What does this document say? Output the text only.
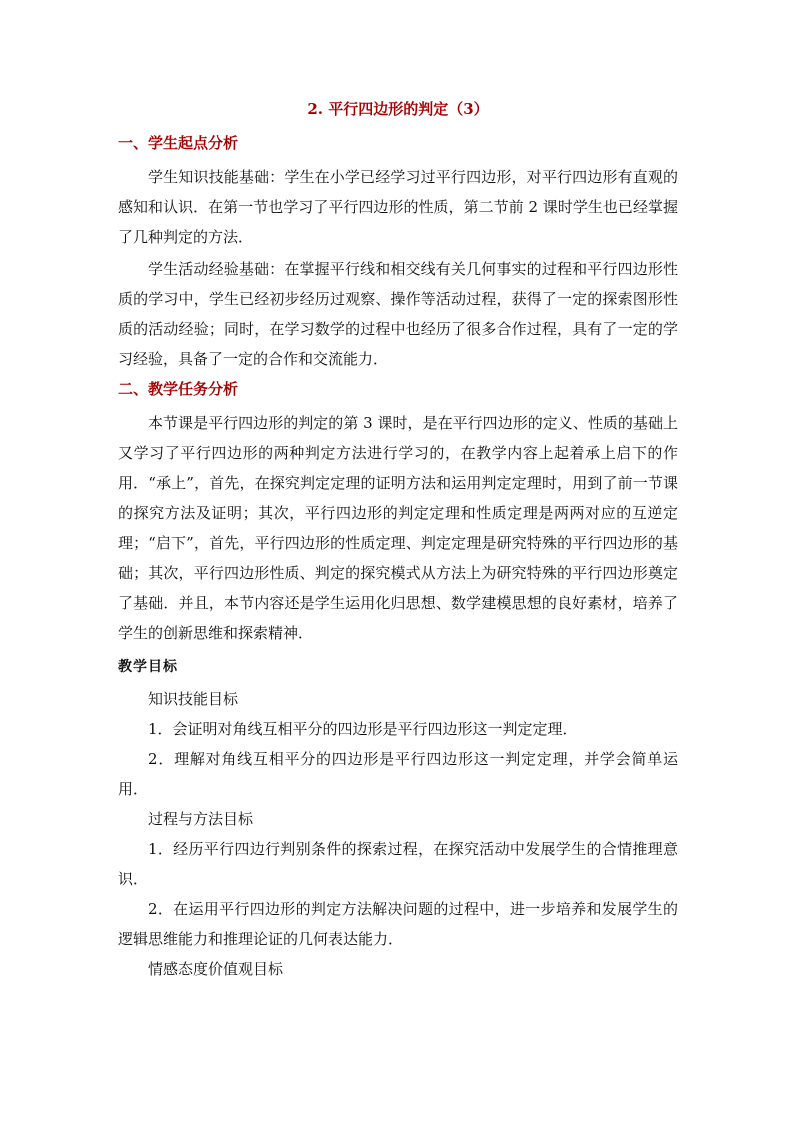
2. 平行四边形的判定（3）
一、学生起点分析

学生知识技能基础：学生在小学已经学习过平行四边形，对平行四边形有直观的感知和认识．在第一节也学习了平行四边形的性质，第二节前 2 课时学生也已经掌握了几种判定的方法．

学生活动经验基础：在掌握平行线和相交线有关几何事实的过程和平行四边形性质的学习中，学生已经初步经历过观察、操作等活动过程，获得了一定的探索图形性质的活动经验；同时，在学习数学的过程中也经历了很多合作过程，具有了一定的学习经验，具备了一定的合作和交流能力．

二、教学任务分析

本节课是平行四边形的判定的第 3 课时，是在平行四边形的定义、性质的基础上又学习了平行四边形的两种判定方法进行学习的，在教学内容上起着承上启下的作用．“承上”，首先，在探究判定定理的证明方法和运用判定定理时，用到了前一节课的探究方法及证明；其次，平行四边形的判定定理和性质定理是两两对应的互逆定理；“启下”，首先，平行四边形的性质定理、判定定理是研究特殊的平行四边形的基础；其次，平行四边形性质、判定的探究模式从方法上为研究特殊的平行四边形奠定了基础．并且，本节内容还是学生运用化归思想、数学建模思想的良好素材，培养了学生的创新思维和探索精神．

教学目标

知识技能目标

1．会证明对角线互相平分的四边形是平行四边形这一判定定理．

2．理解对角线互相平分的四边形是平行四边形这一判定定理，并学会简单运用．

过程与方法目标

1．经历平行四边行判别条件的探索过程，在探究活动中发展学生的合情推理意识．

2．在运用平行四边形的判定方法解决问题的过程中，进一步培养和发展学生的逻辑思维能力和推理论证的几何表达能力．

情感态度价值观目标
